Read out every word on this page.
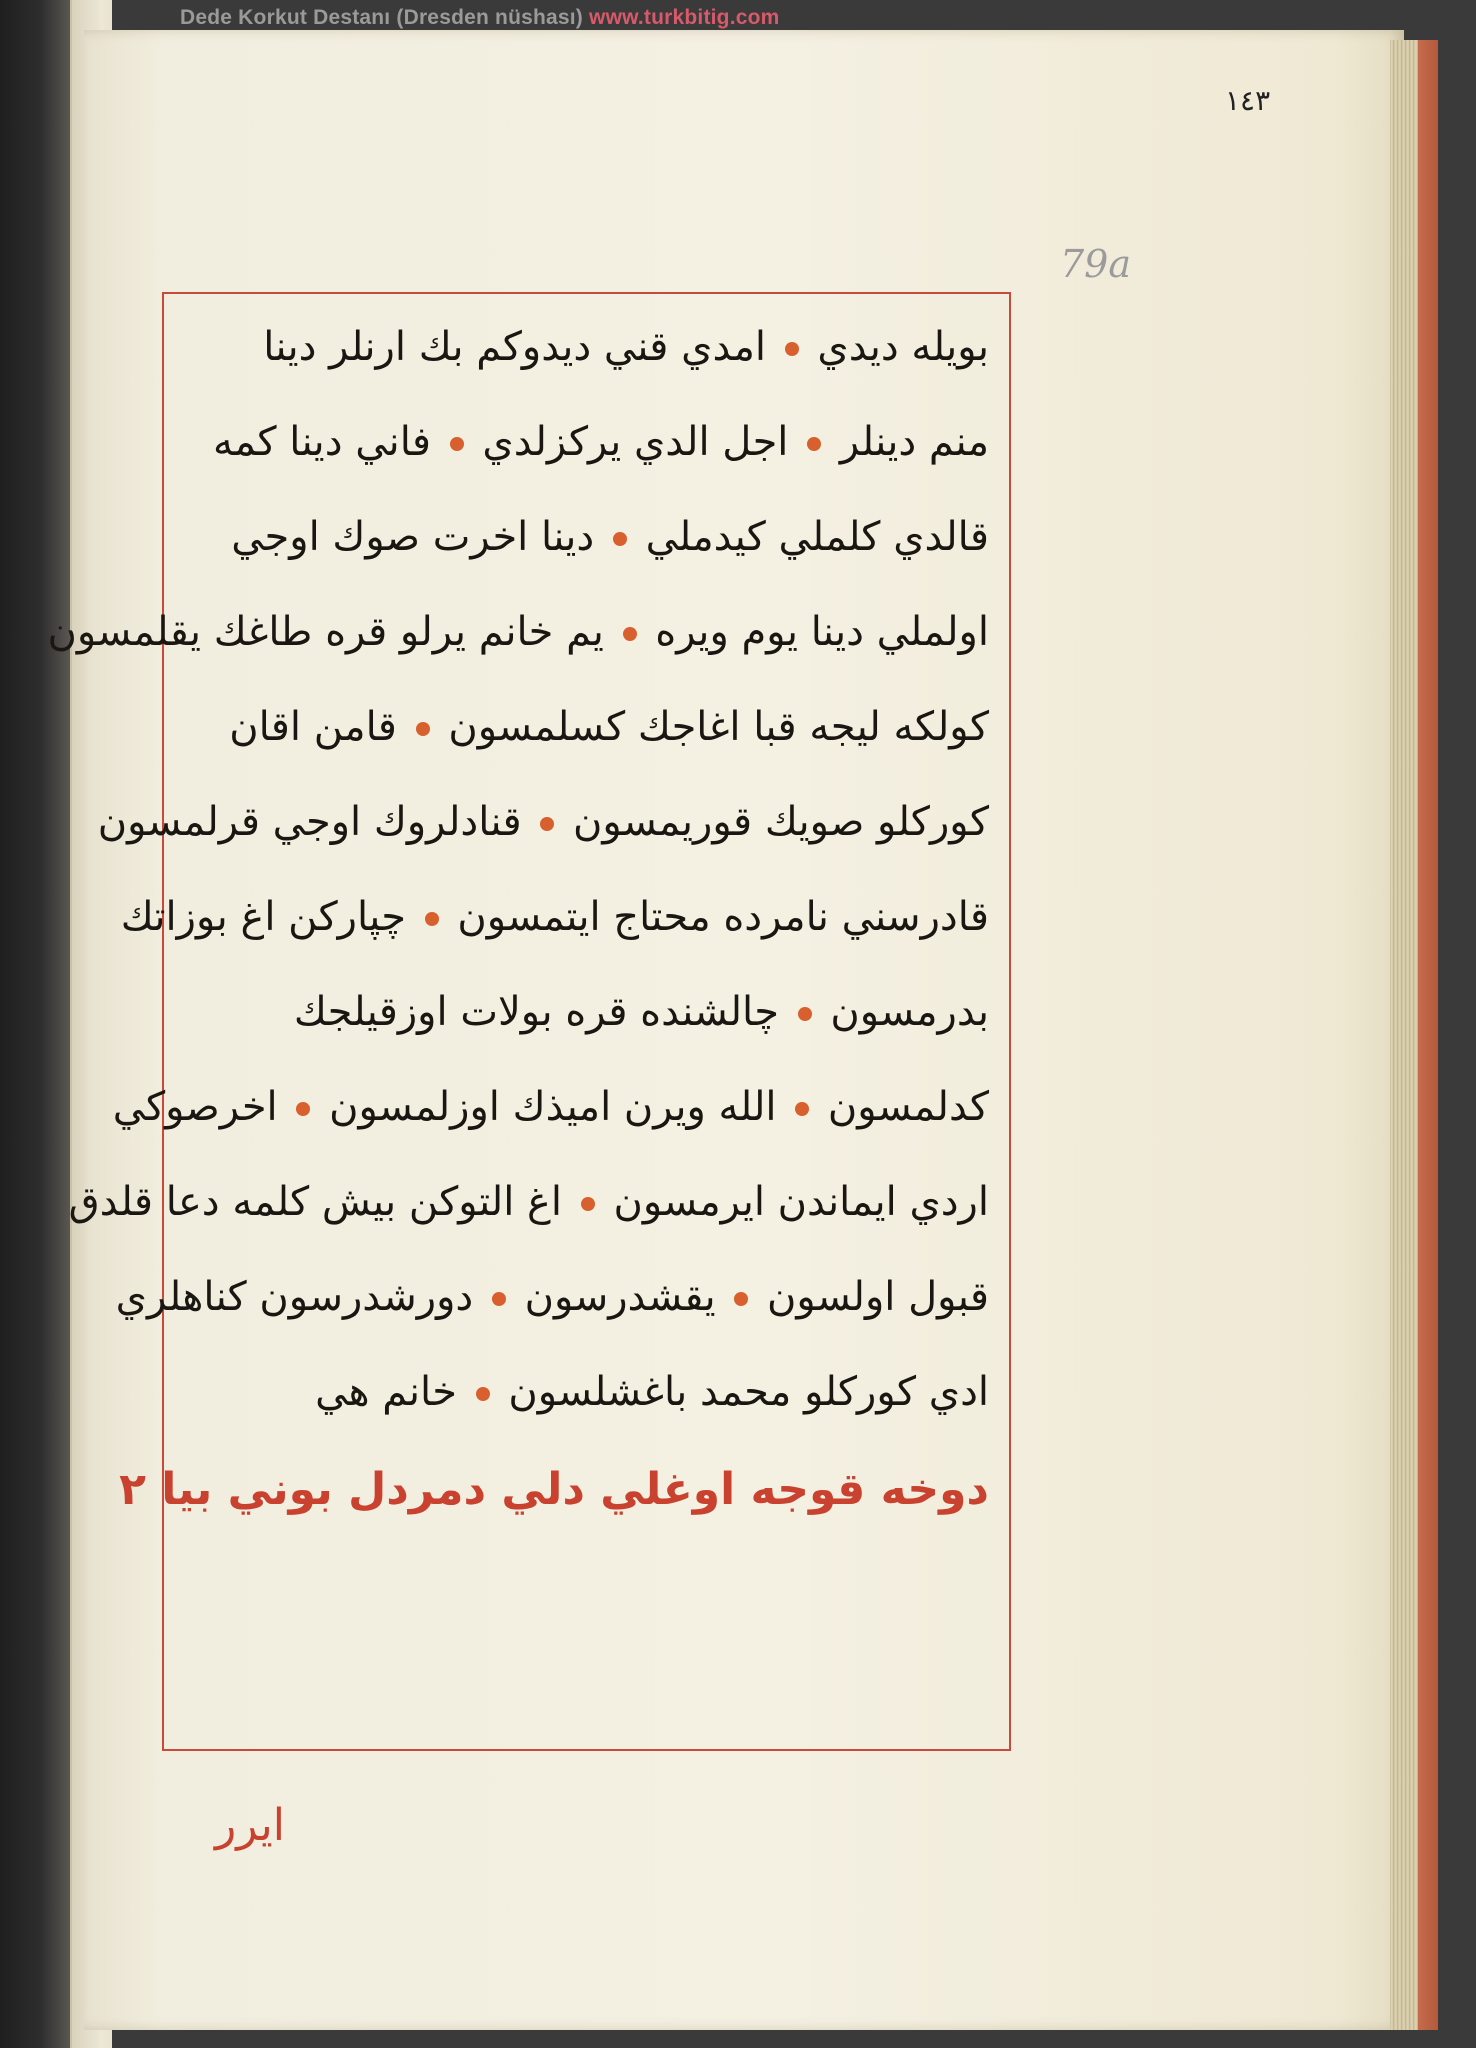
Dede Korkut Destanı (Dresden nüshası) www.turkbitig.com
١٤٣
79a
بويله ديدي  امدي قني ديدوكم بك ارنلر دينا
منم دينلر  اجل الدي يركزلدي  فاني دينا كمه
قالدي كلملي كيدملي  دينا اخرت صوك اوجي
اولملي دينا يوم ويره  يم خانم يرلو قره طاغك يقلمسون
كولكه ليجه قبا اغاجك كسلمسون  قامن اقان
كوركلو صويك قوريمسون  قنادلروك اوجي قرلمسون
قادرسني نامرده محتاج ايتمسون  چپاركن اغ بوزاتك
بدرمسون  چالشنده قره بولات اوزقيلجك
كدلمسون  الله ويرن اميذك اوزلمسون  اخرصوكي
اردي ايماندن ايرمسون  اغ التوكن بيش كلمه دعا قلدق
قبول اولسون  يقشدرسون  دورشدرسون كناهلري
ادي كوركلو محمد باغشلسون  خانم هي
دوخه قوجه اوغلي دلي دمردل بوني بيا ٢
ايرر
